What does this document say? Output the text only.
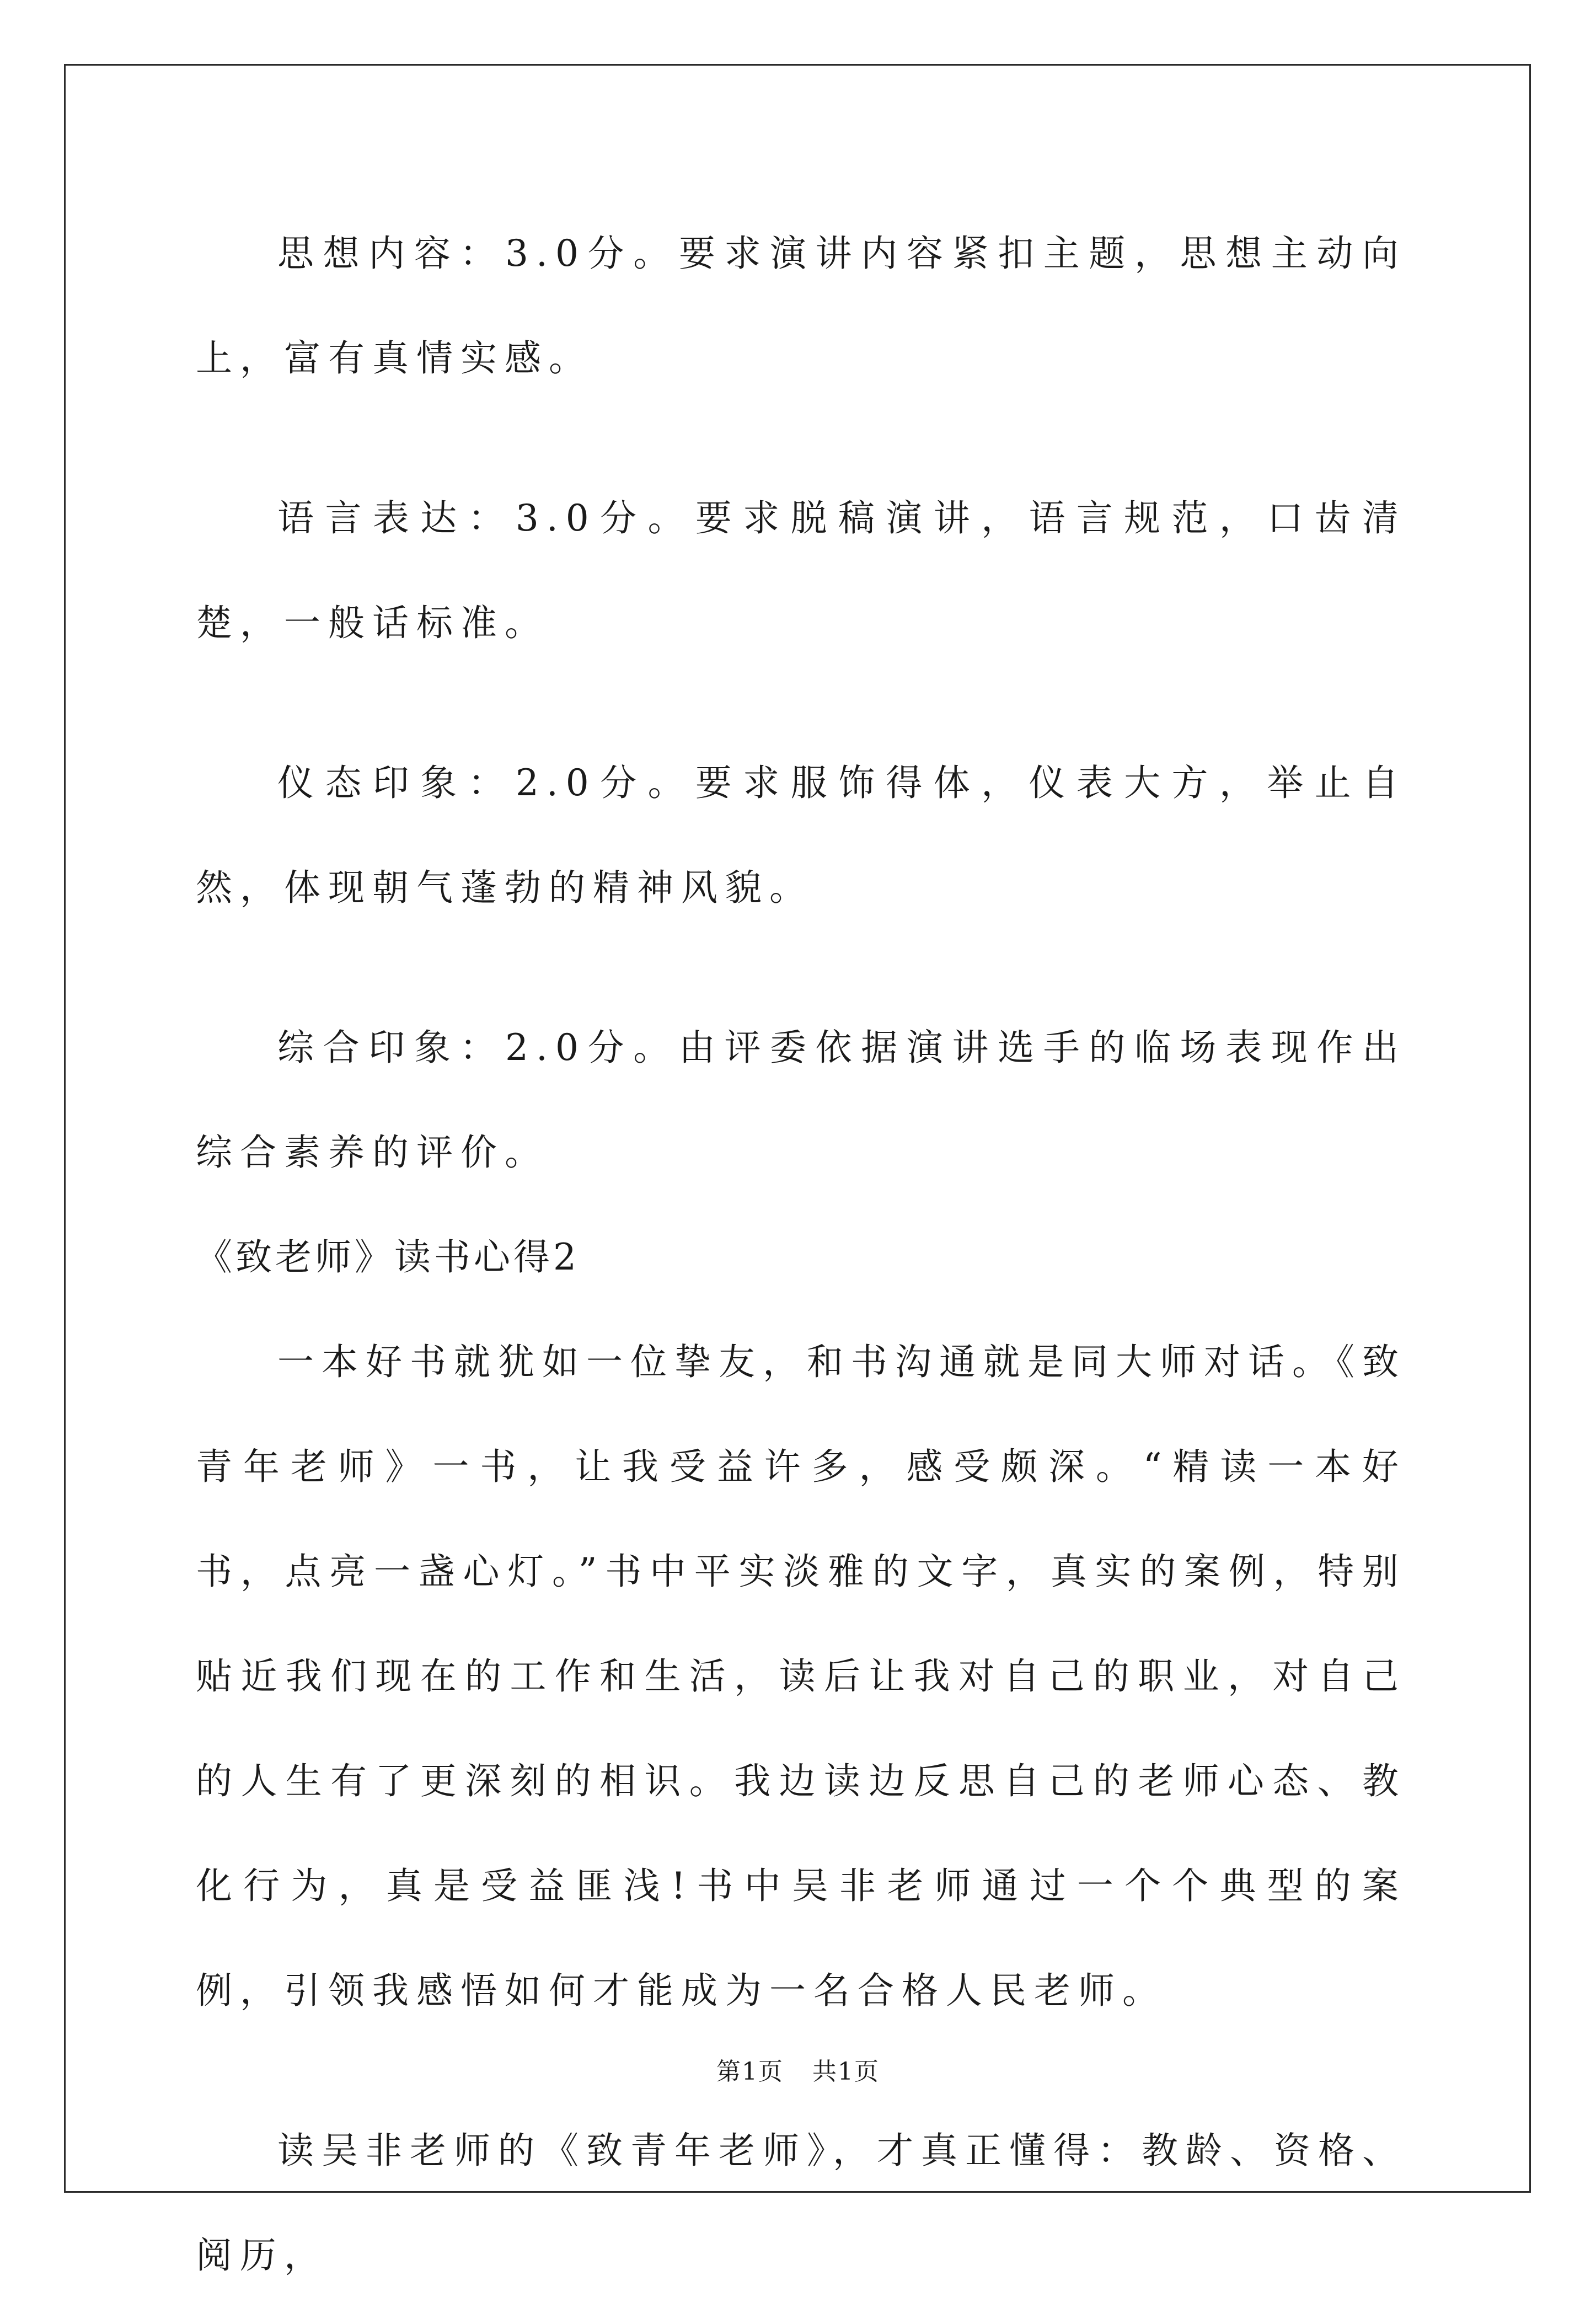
思想内容：3.0分。要求演讲内容紧扣主题，思想主动向上，富有真情实感。

语言表达：3.0分。要求脱稿演讲，语言规范，口齿清楚，一般话标准。

仪态印象：2.0分。要求服饰得体，仪表大方，举止自然，体现朝气蓬勃的精神风貌。

综合印象：2.0分。由评委依据演讲选手的临场表现作出综合素养的评价。

《致老师》读书心得2

一本好书就犹如一位挚友，和书沟通就是同大师对话。《致青年老师》一书，让我受益许多，感受颇深。“精读一本好书，点亮一盏心灯。”书中平实淡雅的文字，真实的案例，特别贴近我们现在的工作和生活，读后让我对自己的职业，对自己的人生有了更深刻的相识。我边读边反思自己的老师心态、教化行为，真是受益匪浅!书中吴非老师通过一个个典型的案例，引领我感悟如何才能成为一名合格人民老师。

读吴非老师的《致青年老师》，才真正懂得：教龄、资格、阅历，

第1页 共1页
